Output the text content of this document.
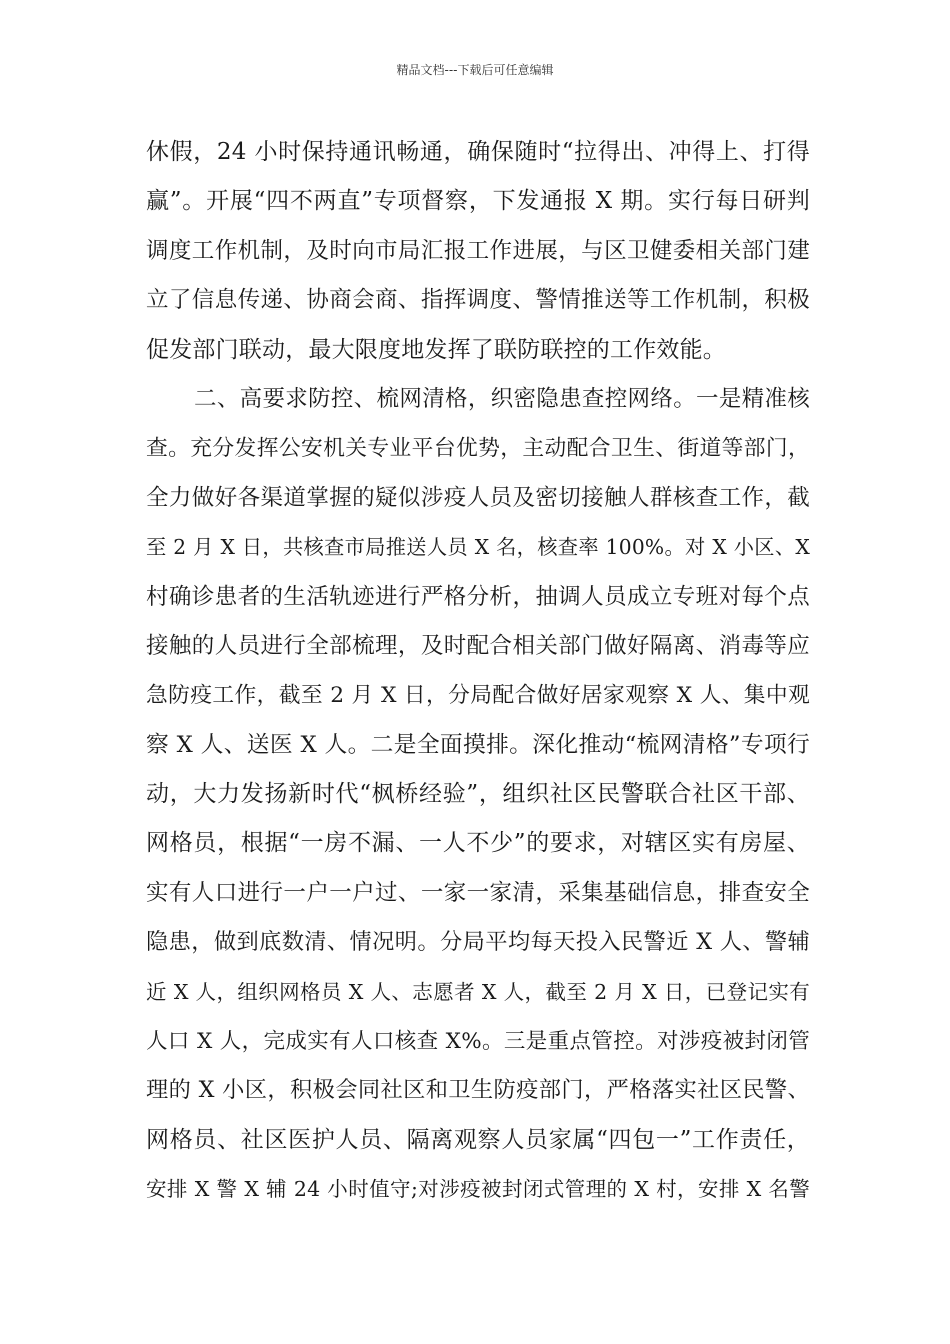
精品文档---下载后可任意编辑
休假，24 小时保持通讯畅通，确保随时“拉得出、冲得上、打得
赢”。开展“四不两直”专项督察，下发通报 X 期。实行每日研判
调度工作机制，及时向市局汇报工作进展，与区卫健委相关部门建
立了信息传递、协商会商、指挥调度、警情推送等工作机制，积极
促发部门联动，最大限度地发挥了联防联控的工作效能。
二、高要求防控、梳网清格，织密隐患查控网络。一是精准核
查。充分发挥公安机关专业平台优势，主动配合卫生、街道等部门，
全力做好各渠道掌握的疑似涉疫人员及密切接触人群核查工作，截
至 2 月 X 日，共核查市局推送人员 X 名，核查率 100%。对 X 小区、X
村确诊患者的生活轨迹进行严格分析，抽调人员成立专班对每个点
接触的人员进行全部梳理，及时配合相关部门做好隔离、消毒等应
急防疫工作，截至 2 月 X 日，分局配合做好居家观察 X 人、集中观
察 X 人、送医 X 人。二是全面摸排。深化推动“梳网清格”专项行
动，大力发扬新时代“枫桥经验”，组织社区民警联合社区干部、
网格员，根据“一房不漏、一人不少”的要求，对辖区实有房屋、
实有人口进行一户一户过、一家一家清，采集基础信息，排查安全
隐患，做到底数清、情况明。分局平均每天投入民警近 X 人、警辅
近 X 人，组织网格员 X 人、志愿者 X 人，截至 2 月 X 日，已登记实有
人口 X 人，完成实有人口核查 X%。三是重点管控。对涉疫被封闭管
理的 X 小区，积极会同社区和卫生防疫部门，严格落实社区民警、
网格员、社区医护人员、隔离观察人员家属“四包一”工作责任，
安排 X 警 X 辅 24 小时值守;对涉疫被封闭式管理的 X 村，安排 X 名警
